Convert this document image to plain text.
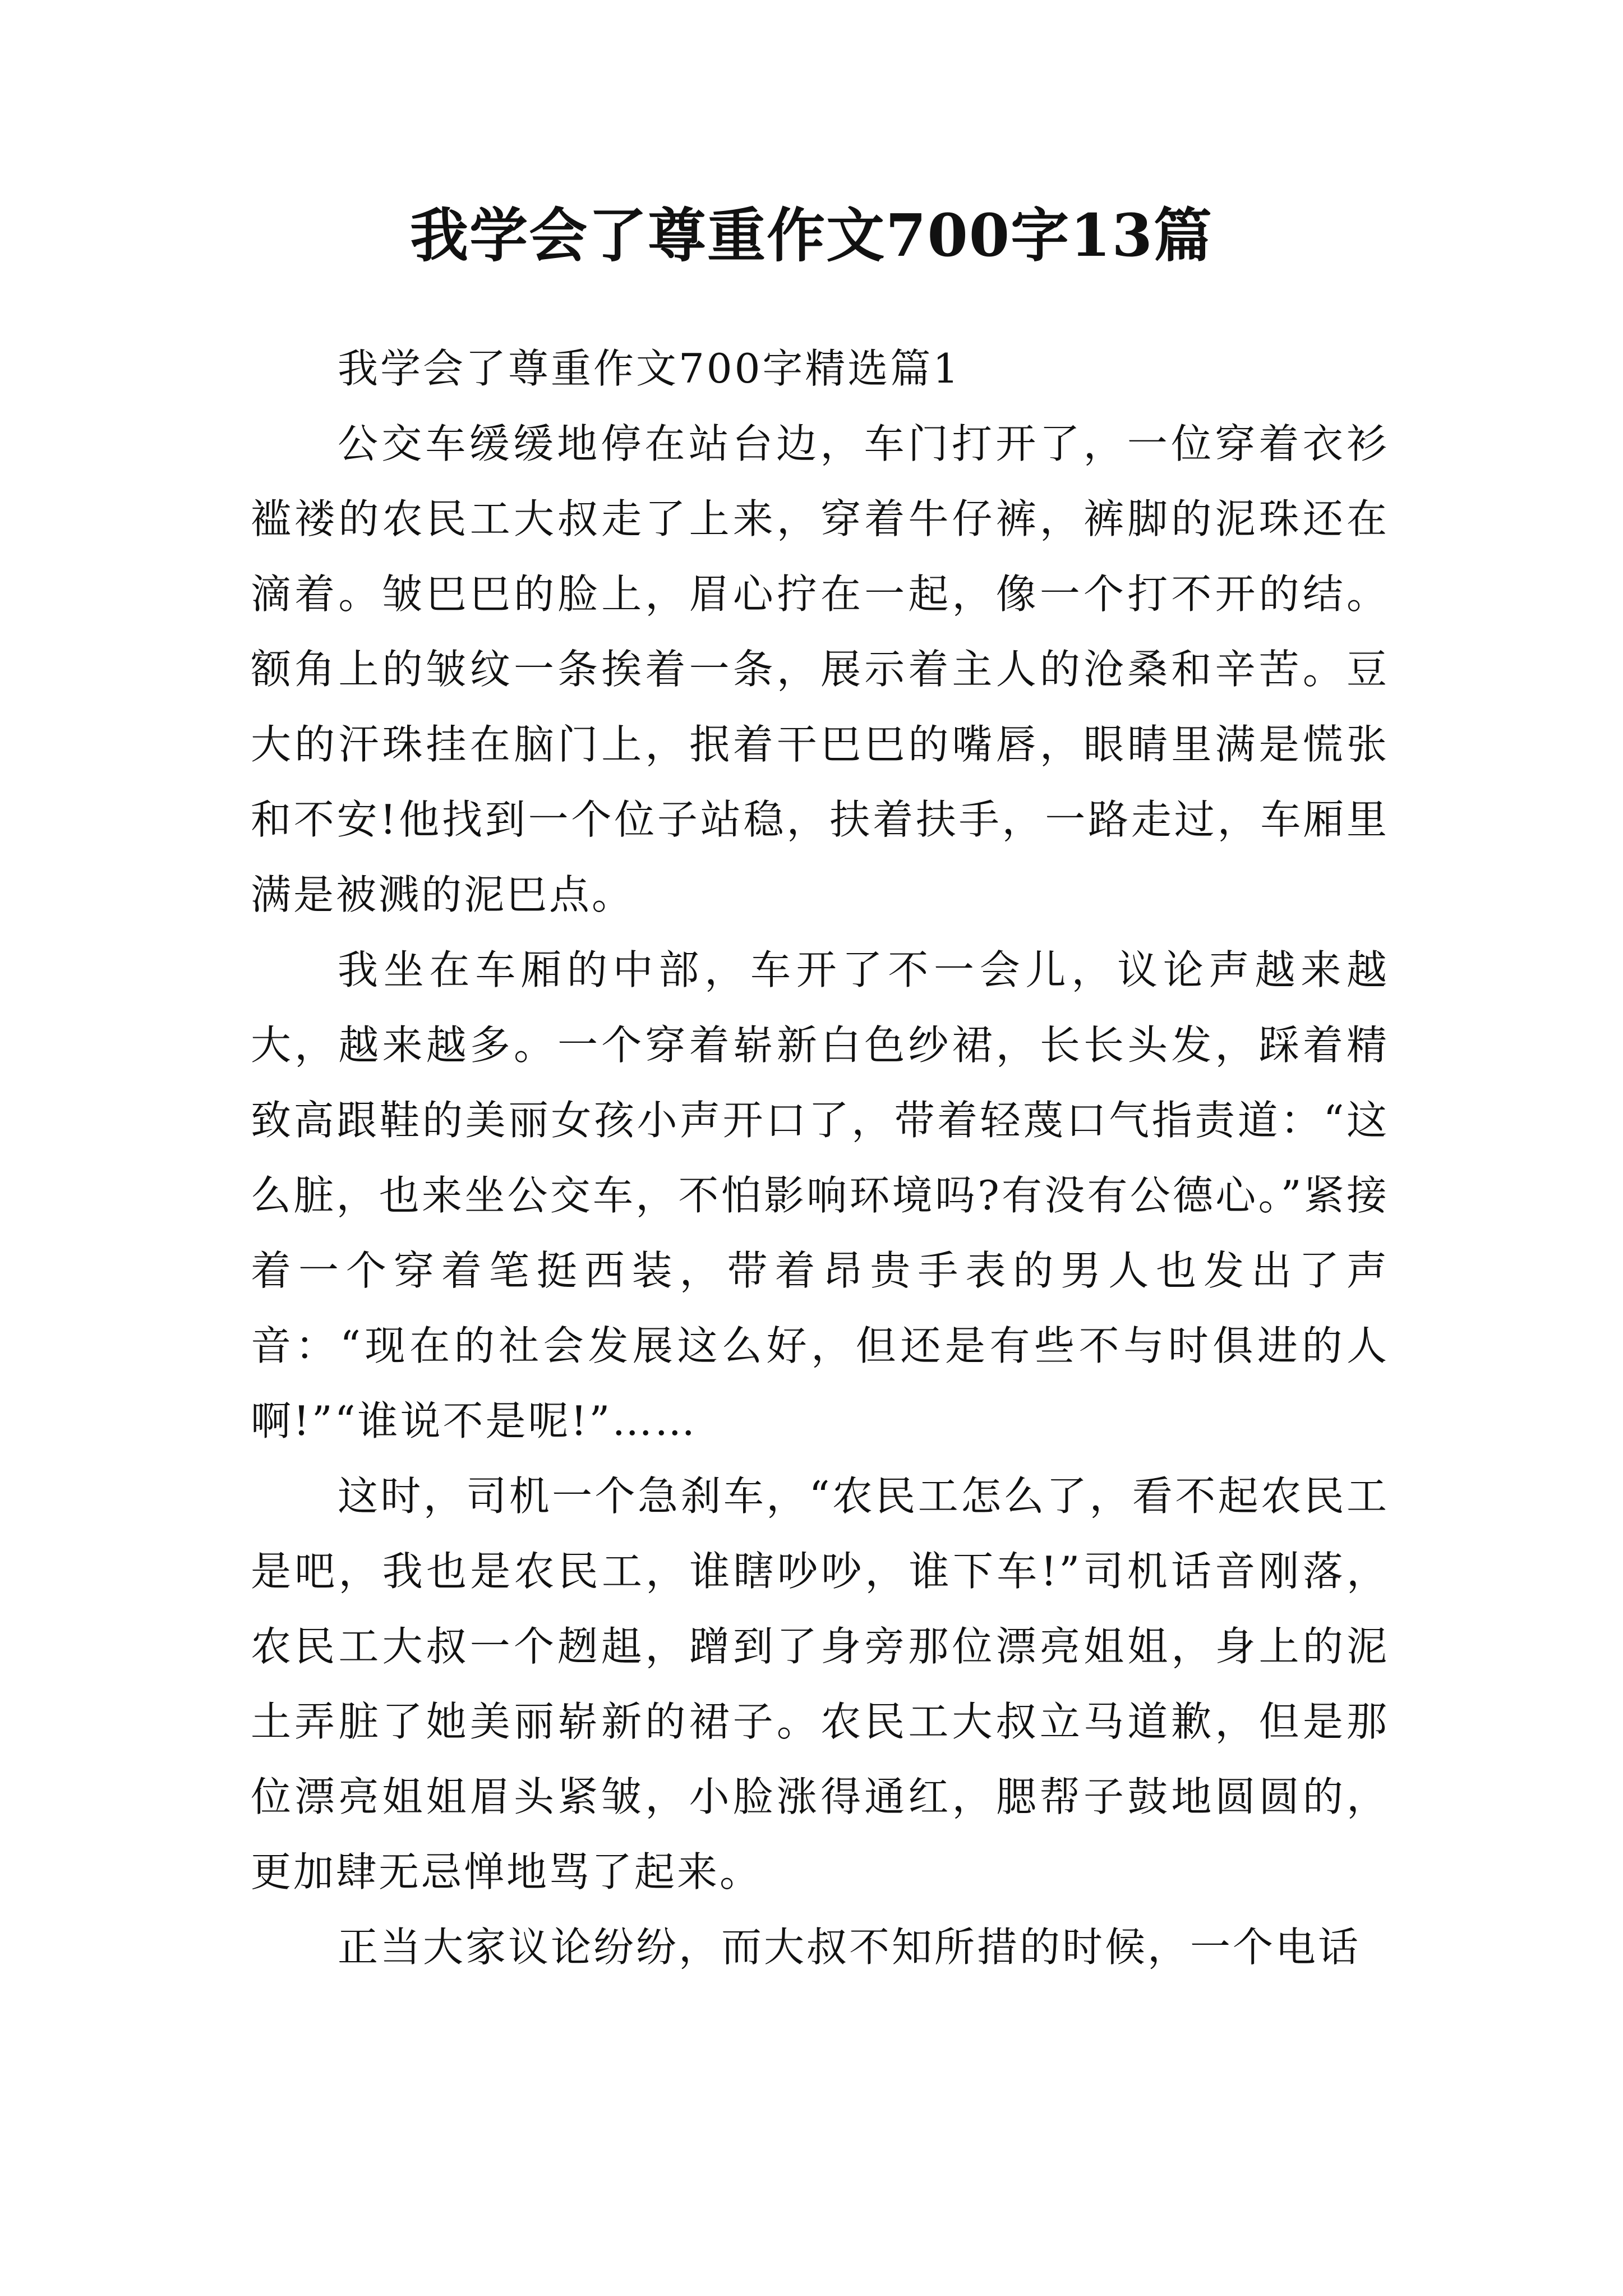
我学会了尊重作文700字13篇

我学会了尊重作文700字精选篇1

公交车缓缓地停在站台边，车门打开了，一位穿着衣衫褴褛的农民工大叔走了上来，穿着牛仔裤，裤脚的泥珠还在滴着。皱巴巴的脸上，眉心拧在一起，像一个打不开的结。额角上的皱纹一条挨着一条，展示着主人的沧桑和辛苦。豆大的汗珠挂在脑门上，抿着干巴巴的嘴唇，眼睛里满是慌张和不安!他找到一个位子站稳，扶着扶手，一路走过，车厢里满是被溅的泥巴点。

我坐在车厢的中部，车开了不一会儿，议论声越来越大，越来越多。一个穿着崭新白色纱裙，长长头发，踩着精致高跟鞋的美丽女孩小声开口了，带着轻蔑口气指责道：“这么脏，也来坐公交车，不怕影响环境吗?有没有公德心。”紧接着一个穿着笔挺西装，带着昂贵手表的男人也发出了声音：“现在的社会发展这么好，但还是有些不与时俱进的人啊!”“谁说不是呢!”……

这时，司机一个急刹车，“农民工怎么了，看不起农民工是吧，我也是农民工，谁瞎吵吵，谁下车!”司机话音刚落，农民工大叔一个趔趄，蹭到了身旁那位漂亮姐姐，身上的泥土弄脏了她美丽崭新的裙子。农民工大叔立马道歉，但是那位漂亮姐姐眉头紧皱，小脸涨得通红，腮帮子鼓地圆圆的，更加肆无忌惮地骂了起来。

正当大家议论纷纷，而大叔不知所措的时候，一个电话
